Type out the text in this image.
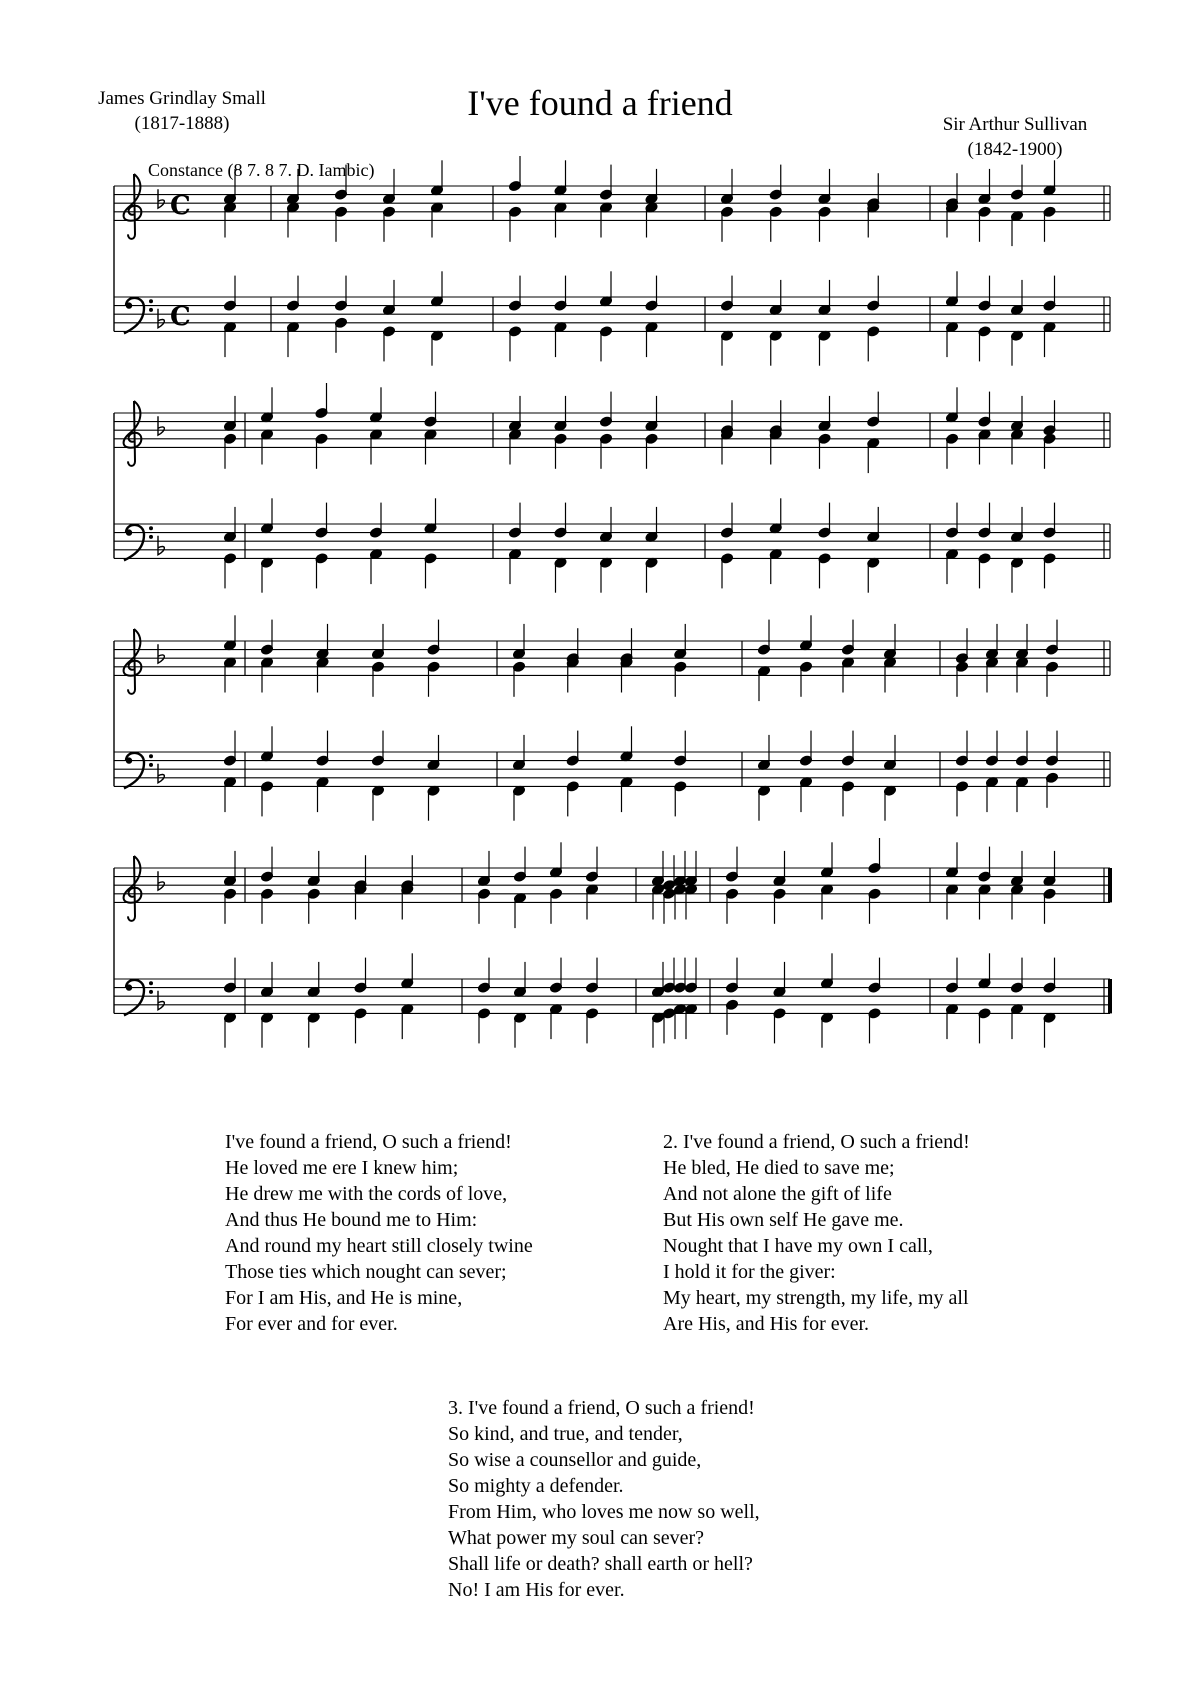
James Grindlay Small
(1817-1888)
I've found a friend
Sir Arthur Sullivan
(1842-1900)
Constance (8 7. 8 7. D. Iambic)
C
C
I've found a friend, O such a friend!
He loved me ere I knew him;
He drew me with the cords of love,
And thus He bound me to Him:
And round my heart still closely twine
Those ties which nought can sever;
For I am His, and He is mine,
For ever and for ever.
2. I've found a friend, O such a friend!
He bled, He died to save me;
And not alone the gift of life
But His own self He gave me.
Nought that I have my own I call,
I hold it for the giver:
My heart, my strength, my life, my all
Are His, and His for ever.
3. I've found a friend, O such a friend!
So kind, and true, and tender,
So wise a counsellor and guide,
So mighty a defender.
From Him, who loves me now so well,
What power my soul can sever?
Shall life or death? shall earth or hell?
No! I am His for ever.
